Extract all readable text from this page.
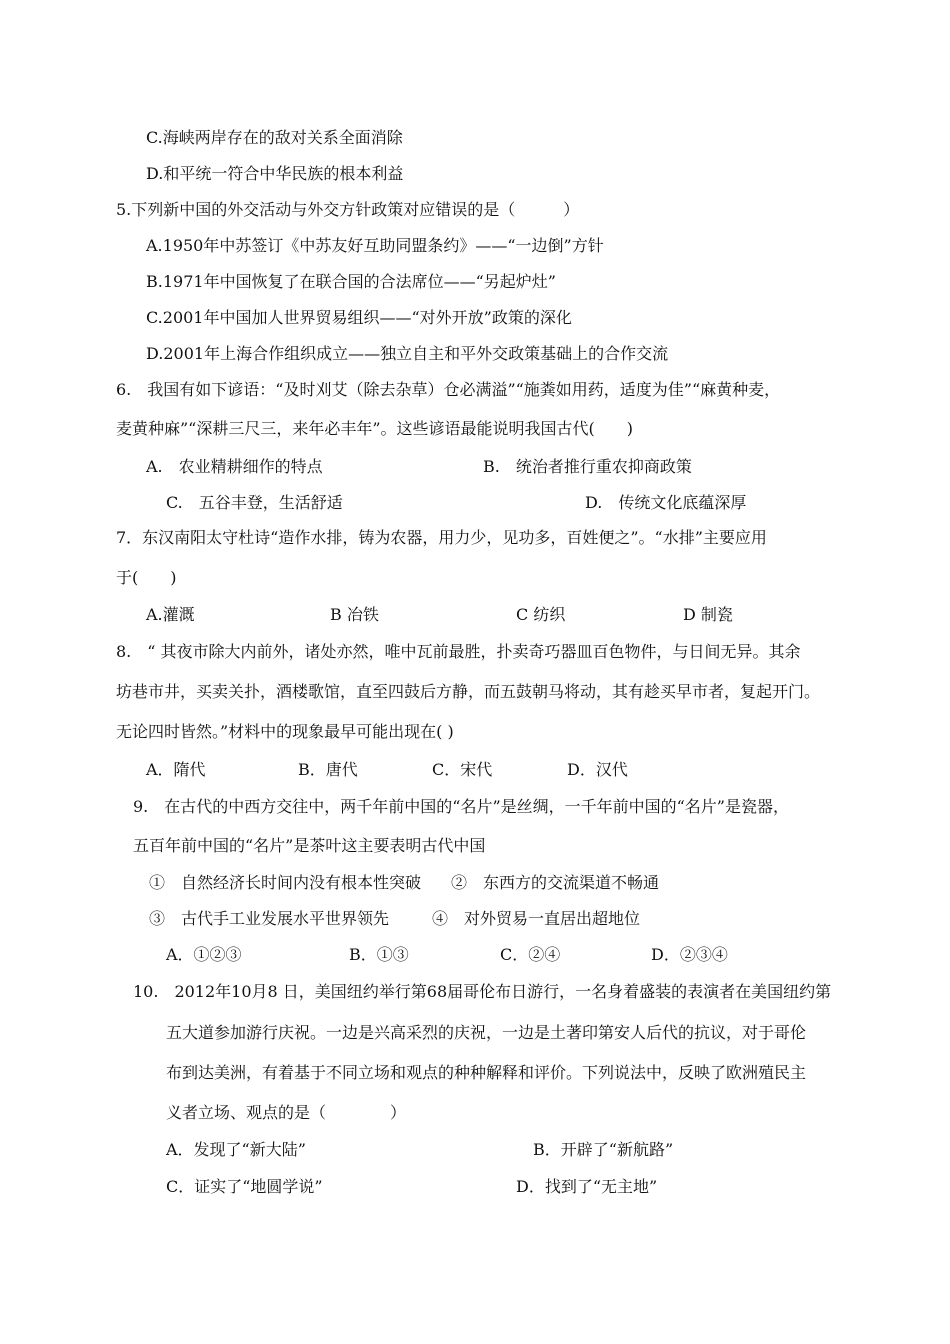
C.海峡两岸存在的敌对关系全面消除
D.和平统一符合中华民族的根本利益
5.下列新中国的外交活动与外交方针政策对应错误的是（　　　）
A.1950年中苏签订《中苏友好互助同盟条约》——“一边倒”方针
B.1971年中国恢复了在联合国的合法席位——“另起炉灶”
C.2001年中国加人世界贸易组织——“对外开放”政策的深化
D.2001年上海合作组织成立——独立自主和平外交政策基础上的合作交流
6.　我国有如下谚语：“及时刈艾（除去杂草）仓必满溢”“施粪如用药，适度为佳”“麻黄种麦，
麦黄种麻”“深耕三尺三，来年必丰年”。这些谚语最能说明我国古代(　　)
A.　农业精耕细作的特点	B.　统治者推行重农抑商政策
C.　五谷丰登，生活舒适	D.　传统文化底蕴深厚
7．东汉南阳太守杜诗“造作水排，铸为农器，用力少，见功多，百姓便之”。“水排”主要应用
于(　　)
A.灌溉	B 冶铁	C 纺织	D 制瓷
8.　“ 其夜市除大内前外，诸处亦然，唯中瓦前最胜，扑卖奇巧器皿百色物件，与日间无异。其余
坊巷市井，买卖关扑，酒楼歌馆，直至四鼓后方静，而五鼓朝马将动，其有趁买早市者，复起开门。
无论四时皆然。”材料中的现象最早可能出现在( )
A．隋代	B．唐代	C．宋代	D．汉代
9.　在古代的中西方交往中，两千年前中国的“名片”是丝绸，一千年前中国的“名片”是瓷器，
五百年前中国的“名片”是茶叶这主要表明古代中国
①　自然经济长时间内没有根本性突破 ②　东西方的交流渠道不畅通
③　古代手工业发展水平世界领先	④　对外贸易一直居出超地位
A．①②③	B．①③	C．②④	D．②③④
10.　2012年10月8 日，美国纽约举行第68届哥伦布日游行，一名身着盛装的表演者在美国纽约第
五大道参加游行庆祝。一边是兴高采烈的庆祝，一边是土著印第安人后代的抗议，对于哥伦
布到达美洲，有着基于不同立场和观点的种种解释和评价。下列说法中，反映了欧洲殖民主
义者立场、观点的是（　　　　）
A．发现了“新大陆”	B．开辟了“新航路”
C．证实了“地圆学说”	D．找到了“无主地”
